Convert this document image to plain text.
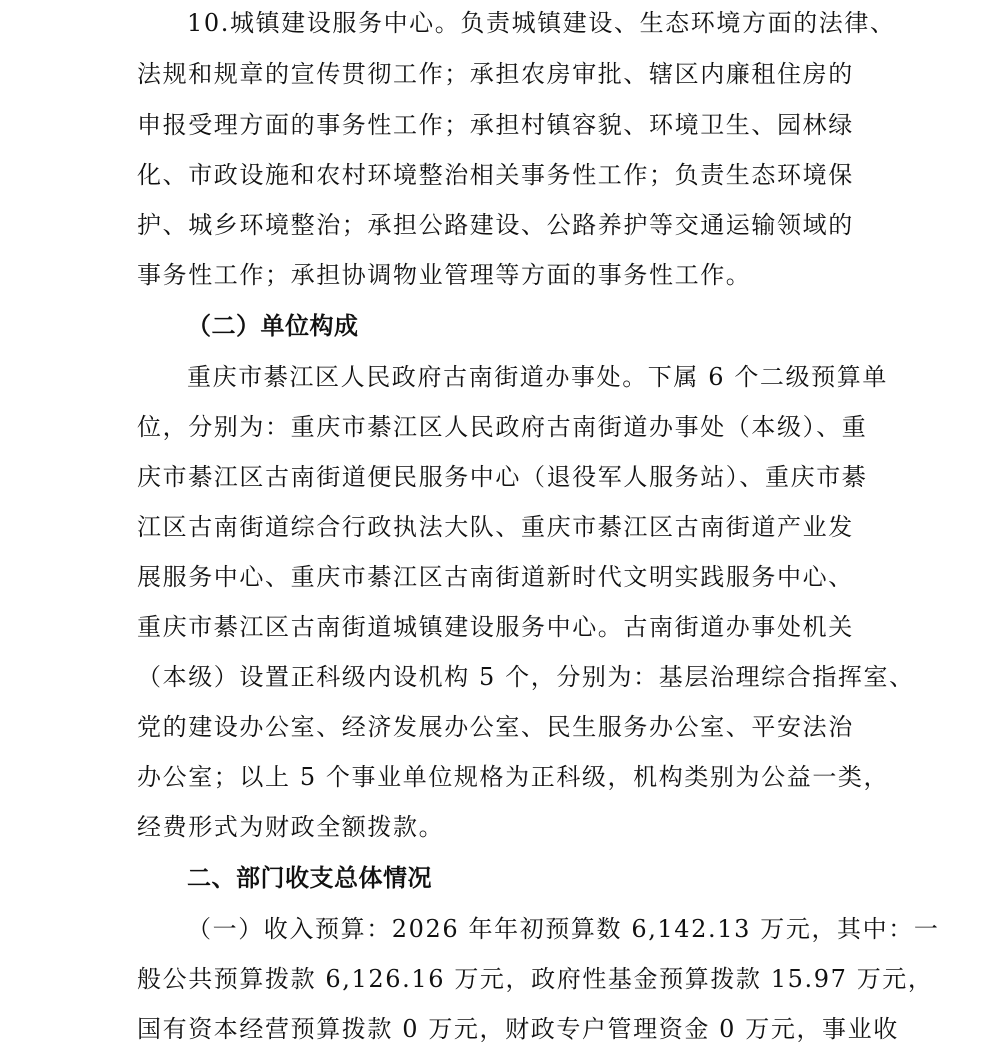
10.城镇建设服务中心。负责城镇建设、生态环境方面的法律、
法规和规章的宣传贯彻工作；承担农房审批、辖区内廉租住房的
申报受理方面的事务性工作；承担村镇容貌、环境卫生、园林绿
化、市政设施和农村环境整治相关事务性工作；负责生态环境保
护、城乡环境整治；承担公路建设、公路养护等交通运输领域的
事务性工作；承担协调物业管理等方面的事务性工作。
（二）单位构成
重庆市綦江区人民政府古南街道办事处。下属 6 个二级预算单
位，分别为：重庆市綦江区人民政府古南街道办事处（本级）、重
庆市綦江区古南街道便民服务中心（退役军人服务站）、重庆市綦
江区古南街道综合行政执法大队、重庆市綦江区古南街道产业发
展服务中心、重庆市綦江区古南街道新时代文明实践服务中心、
重庆市綦江区古南街道城镇建设服务中心。古南街道办事处机关
（本级）设置正科级内设机构 5 个，分别为：基层治理综合指挥室、
党的建设办公室、经济发展办公室、民生服务办公室、平安法治
办公室；以上 5 个事业单位规格为正科级，机构类别为公益一类，
经费形式为财政全额拨款。
二、部门收支总体情况
（一）收入预算：2026 年年初预算数 6,142.13 万元，其中：一
般公共预算拨款 6,126.16 万元，政府性基金预算拨款 15.97 万元，
国有资本经营预算拨款 0 万元，财政专户管理资金 0 万元，事业收
